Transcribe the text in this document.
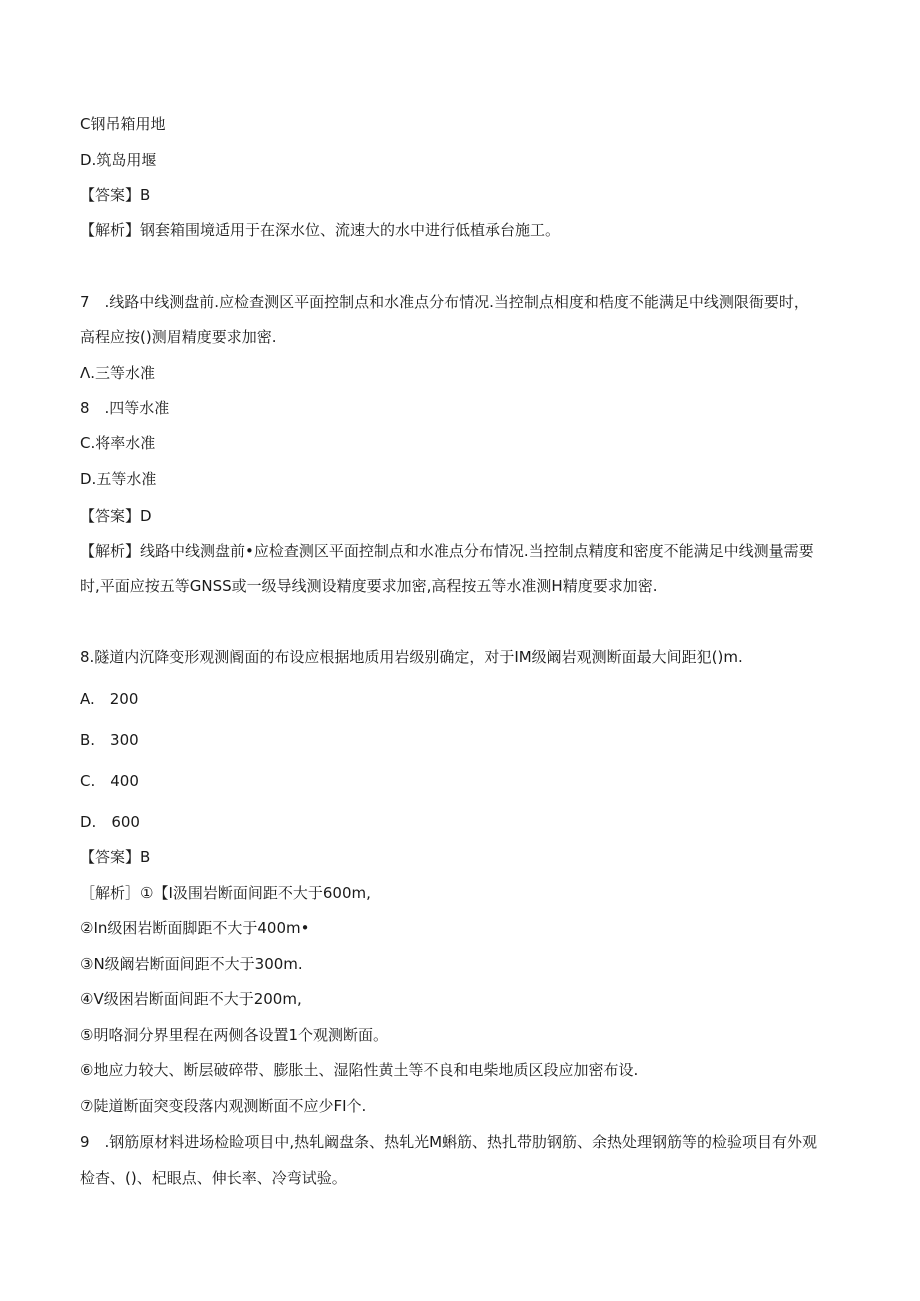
C钢吊箱用地
D.筑岛用堰
【答案】B
【解析】钢套箱围境适用于在深水位、流速大的水中进行低植承台施工。
7　.线路中线测盘前.应检查测区平面控制点和水准点分布情况.当控制点相度和梏度不能满足中线测限衙要时，
高程应按()测眉精度要求加密.
Λ.三等水准
8　.四等水准
C.将率水准
D.五等水准
【答案】D
【解析】线路中线测盘前•应检查测区平面控制点和水准点分布情况.当控制点精度和密度不能满足中线测量需要
时,平面应按五等GNSS或一级导线测设精度要求加密,高程按五等水准测H精度要求加密.
8.隧道内沉降变形观测阍面的布设应根据地质用岩级别确定，对于IM级阚岩观测断面最大间距犯()m.
A.　200
B.　300
C.　400
D.　600
【答案】B
［解析］①【I汲围岩断面间距不大于600m,
②In级困岩断面脚距不大于400m•
③N级阚岩断面间距不大于300m.
④V级困岩断面间距不大于200m,
⑤明咯洞分界里程在两侧各设置1个观测断面。
⑥地应力较大、断层破碎带、膨胀土、湿陷性黄土等不良和电柴地质区段应加密布设.
⑦陡道断面突变段落内观测断面不应少FI个.
9　.钢筋原材料进场检睑项目中,热轧阚盘条、热轧光M蝌筋、热扎带肋钢筋、余热处理钢筋等的检验项目有外观
检杳、()、杞眼点、伸长率、冷弯试验。
